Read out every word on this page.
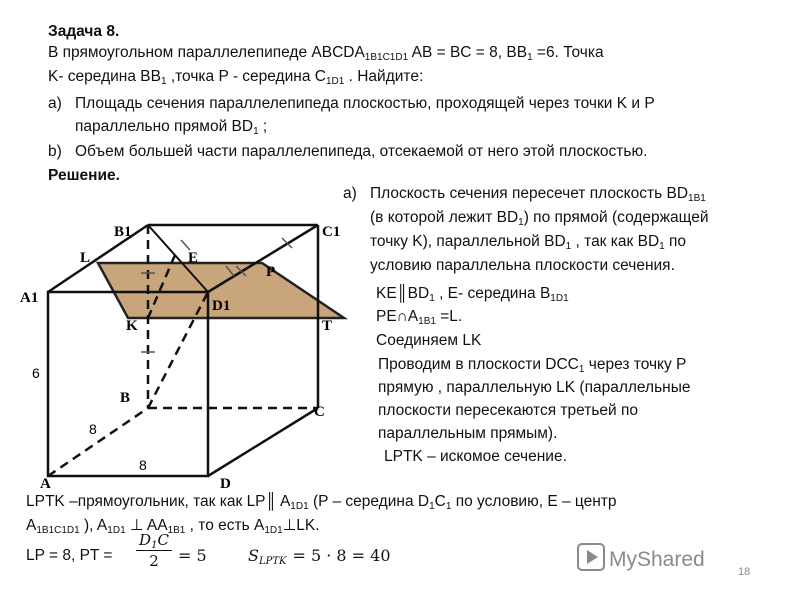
B1	C1
L	E
P
A1	D1
K	T
B
C
A	D
6
8
8
MyShared
18
Задача 8.
В прямоугольном параллелепипеде $ABCDA_{1B1C1D1}$ AB = BC = 8, $BB_1 =6$. Точка
K- середина $BB_1$ ,точка P - середина $C_{1D1}$ . Найдите:
a) Площадь сечения параллелепипеда плоскостью, проходящей через точки K и P
параллельно прямой $BD_1$ ;
b) Объем большей части параллелепипеда, отсекаемой от него этой плоскостью.
Решение.
a) Плоскость сечения пересечет плоскость $BD_{1B1}$
(в которой лежит $BD_1$) по прямой (содержащей
точку K), параллельной $BD_1$ , так как $BD_1$ по
условию параллельна плоскости сечения.
$KE║BD_1$ , E- середина $B_{1D1}$
$PE\cap A_{1B1} =L$.
Соединяем LK
Проводим в плоскости $DCC_1$ через точку P
прямую , параллельную LK (параллельные
плоскости пересекаются третьей по
параллельным прямым).
LPTK – искомое сечение.
LPTK –прямоугольник, так как LP║ $A_{1D1}$ (P – середина $D_1С_1$ по условию, E – центр
$A_{1B1C1D1}$ ), $A_{1D1}$ ⊥ $AA_{1B1}$ , то есть $A_{1D1}\perp LK$.
LP = 8, PT = $\frac{D_1C}{2} = 5$	$S_{LPTK} = 5 \cdot 8 = 40$
